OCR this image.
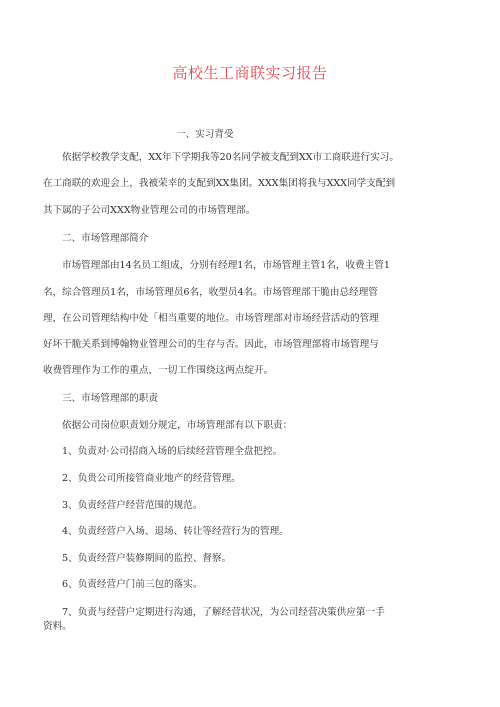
高校生工商联实习报告

一、实习背受

依据学校教学支配，XX年下学期我等20名同学被支配到XX市工商联进行实习。

在工商联的欢迎会上，我被荣幸的支配到XX集团。XXX集团将我与XXX同学支配到

其下属的子公司XXX物业管理公司的市场管理部。

二、市场管理部简介

市场管理部由14名员工组成，分别有经理1名，市场管理主管1名，收费主管1

名，综合管理员1名，市场管理员6名，收型员4名。市场管理部干脆由总经理管

理，在公司管理结构中处「相当重要的地位。市场管理部对市场经营活动的管理

好坏干脆关系到博翰物业管理公司的生存与否。因此，市场管理部将市场管理与

收费管理作为工作的重点，一切工作围绕这两点绽开。

三、市场管理部的职责

依据公司岗位职责划分规定，市场管理部有以下职责：

1、负责对·公司招商入场的后续经营管理全盘把控。

2、负贵公司所接管商业地产的经营管理。

3、负责经营户经营范围的规范。

4、负责经营户入场、退场、转让等经营行为的管理。

5、负责经营户装修期间的监控、督察。

6、负责经营户门前三包的落实。

7、负责与经营户定期进行沟通，了解经营状况，为公司经营决策供应第一手

资料。
